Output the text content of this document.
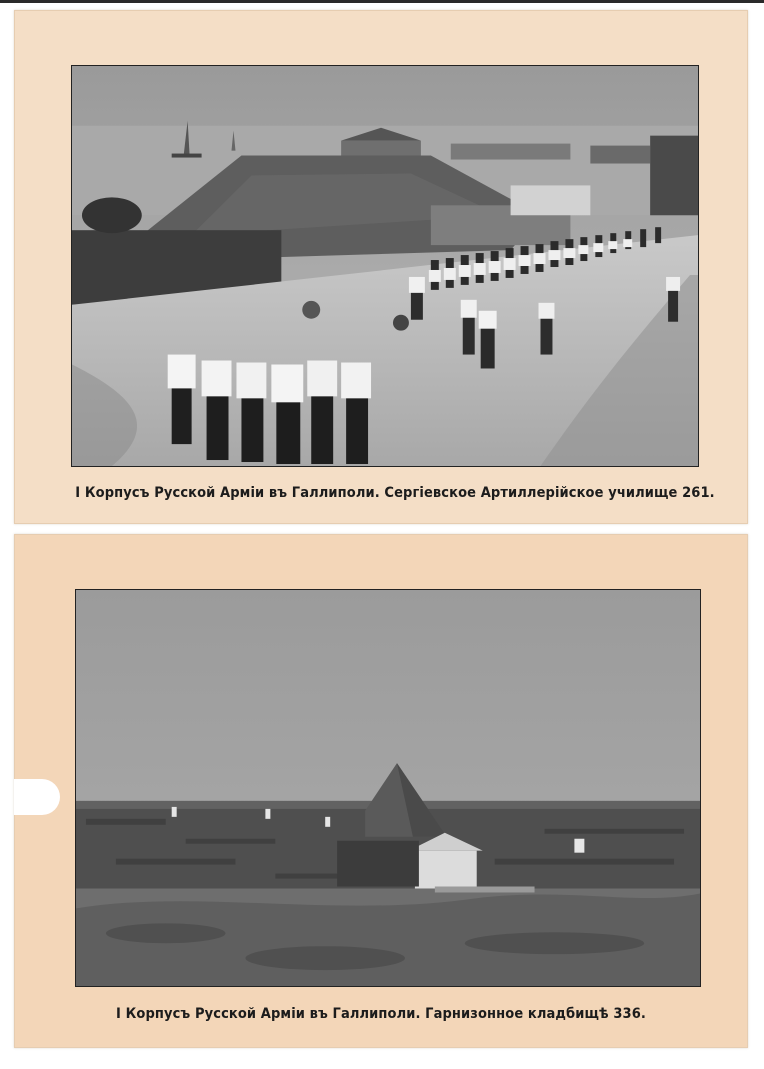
I Корпусъ Русской Арміи въ Галлиполи. Сергіевское Артиллерійское училище 261.
I Корпусъ Русской Арміи въ Галлиполи. Гарнизонное кладбищѣ 336.
